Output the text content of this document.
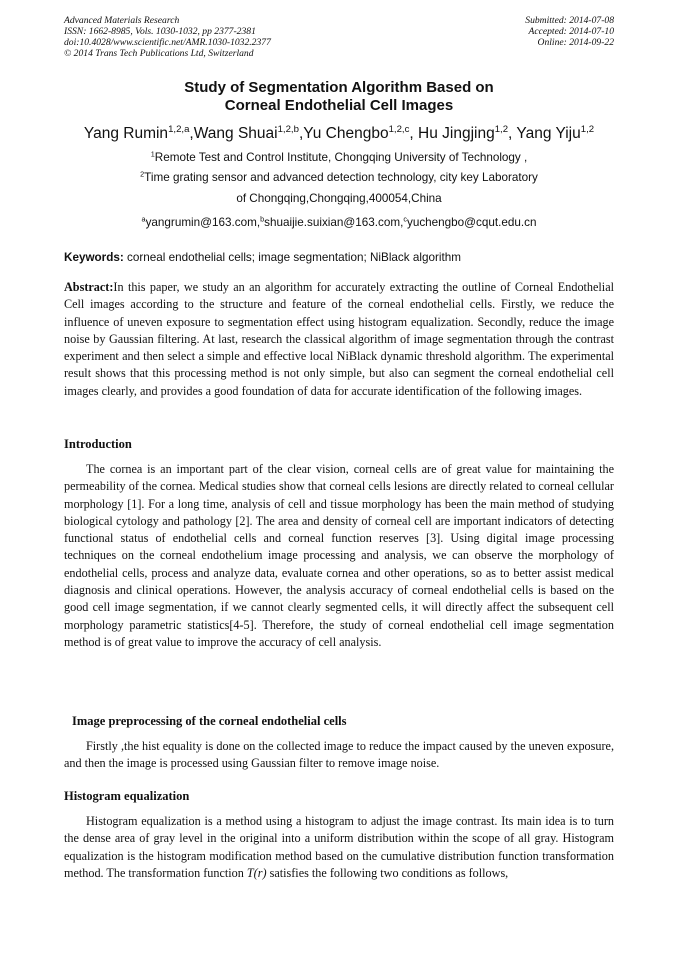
Advanced Materials Research
ISSN: 1662-8985, Vols. 1030-1032, pp 2377-2381
doi:10.4028/www.scientific.net/AMR.1030-1032.2377
© 2014 Trans Tech Publications Ltd, Switzerland
Submitted: 2014-07-08
Accepted: 2014-07-10
Online: 2014-09-22
Study of Segmentation Algorithm Based on
Corneal Endothelial Cell Images
Yang Rumin$^{1,2,a}$,Wang Shuai$^{1,2,b}$,Yu Chengbo$^{1,2,c}$, Hu Jingjing$^{1,2}$, Yang Yiju$^{1,2}$
$^1$Remote Test and Control Institute, Chongqing University of Technology ,
$^2$Time grating sensor and advanced detection technology, city key Laboratory
of Chongqing,Chongqing,400054,China
$^a$yangrumin@163.com,$^b$shuaijie.suixian@163.com,$^c$yuchengbo@cqut.edu.cn
Keywords: corneal endothelial cells; image segmentation; NiBlack algorithm
Abstract:In this paper, we study an an algorithm for accurately extracting the outline of Corneal Endothelial Cell images according to the structure and feature of the corneal endothelial cells. Firstly, we reduce the influence of uneven exposure to segmentation effect using histogram equalization. Secondly, reduce the image noise by Gaussian filtering. At last, research the classical algorithm of image segmentation through the contrast experiment and then select a simple and effective local NiBlack dynamic threshold algorithm. The experimental result shows that this processing method is not only simple, but also can segment the corneal endothelial cell images clearly, and provides a good foundation of data for accurate identification of the following images.
Introduction
The cornea is an important part of the clear vision, corneal cells are of great value for maintaining the permeability of the cornea. Medical studies show that corneal cells lesions are directly related to corneal cellular morphology [1]. For a long time, analysis of cell and tissue morphology has been the main method of studying biological cytology and pathology [2]. The area and density of corneal cell are important indicators of detecting functional status of endothelial cells and corneal function reserves [3]. Using digital image processing techniques on the corneal endothelium image processing and analysis, we can observe the morphology of endothelial cells, process and analyze data, evaluate cornea and other operations, so as to better assist medical diagnosis and clinical operations. However, the analysis accuracy of corneal endothelial cells is based on the good cell image segmentation, if we cannot clearly segmented cells, it will directly affect the subsequent cell morphology parametric statistics[4-5]. Therefore, the study of corneal endothelial cell image segmentation method is of great value to improve the accuracy of cell analysis.
Image preprocessing of the corneal endothelial cells
Firstly ,the hist equality is done on the collected image to reduce the impact caused by the uneven exposure, and then the image is processed using Gaussian filter to remove image noise.
Histogram equalization
Histogram equalization is a method using a histogram to adjust the image contrast. Its main idea is to turn the dense area of gray level in the original into a uniform distribution within the scope of all gray. Histogram equalization is the histogram modification method based on the cumulative distribution function transformation method. The transformation function T(r) satisfies the following two conditions as follows,
